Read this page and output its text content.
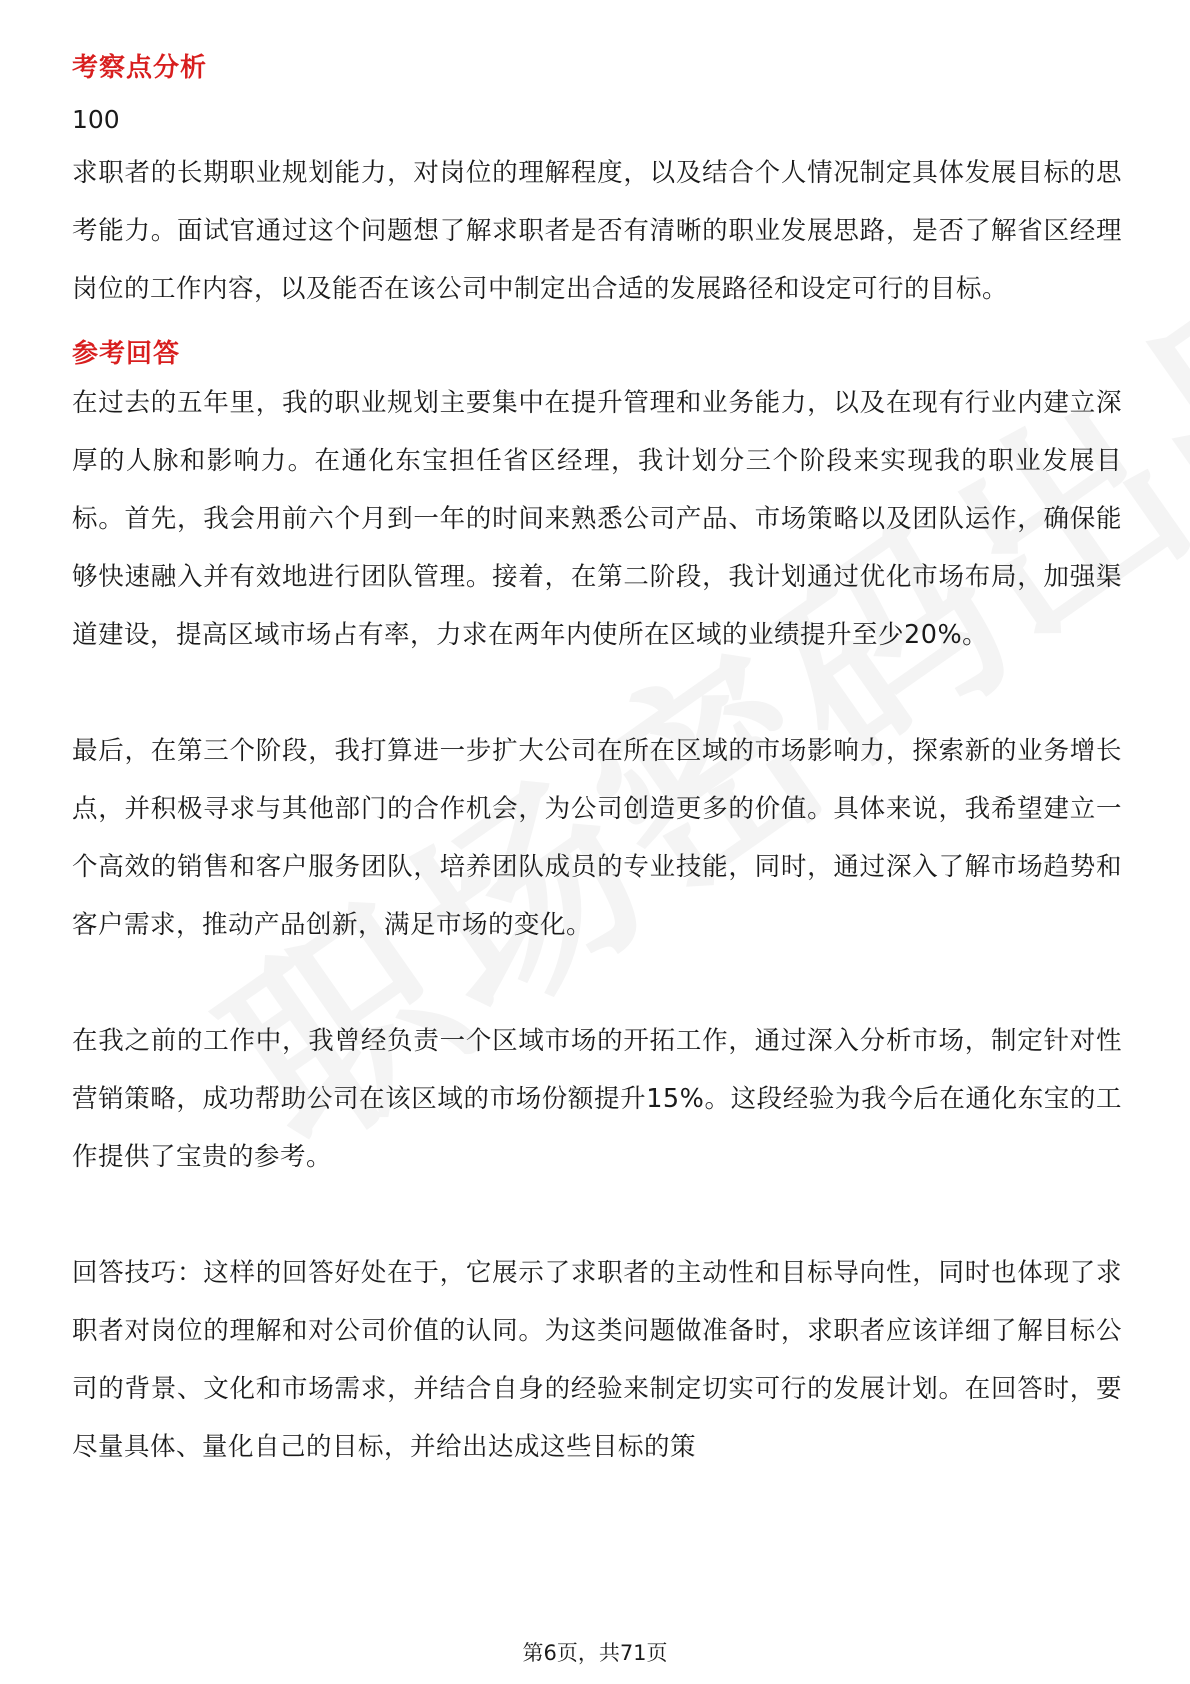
考察点分析

100

求职者的长期职业规划能力，对岗位的理解程度，以及结合个人情况制定具体发展目标的思考能力。面试官通过这个问题想了解求职者是否有清晰的职业发展思路，是否了解省区经理岗位的工作内容，以及能否在该公司中制定出合适的发展路径和设定可行的目标。

参考回答

在过去的五年里，我的职业规划主要集中在提升管理和业务能力，以及在现有行业内建立深厚的人脉和影响力。在通化东宝担任省区经理，我计划分三个阶段来实现我的职业发展目标。首先，我会用前六个月到一年的时间来熟悉公司产品、市场策略以及团队运作，确保能够快速融入并有效地进行团队管理。接着，在第二阶段，我计划通过优化市场布局，加强渠道建设，提高区域市场占有率，力求在两年内使所在区域的业绩提升至少20%。

最后，在第三个阶段，我打算进一步扩大公司在所在区域的市场影响力，探索新的业务增长点，并积极寻求与其他部门的合作机会，为公司创造更多的价值。具体来说，我希望建立一个高效的销售和客户服务团队，培养团队成员的专业技能，同时，通过深入了解市场趋势和客户需求，推动产品创新，满足市场的变化。

在我之前的工作中，我曾经负责一个区域市场的开拓工作，通过深入分析市场，制定针对性营销策略，成功帮助公司在该区域的市场份额提升15%。这段经验为我今后在通化东宝的工作提供了宝贵的参考。

回答技巧：这样的回答好处在于，它展示了求职者的主动性和目标导向性，同时也体现了求职者对岗位的理解和对公司价值的认同。为这类问题做准备时，求职者应该详细了解目标公司的背景、文化和市场需求，并结合自身的经验来制定切实可行的发展计划。在回答时，要尽量具体、量化自己的目标，并给出达成这些目标的策

第6页，共71页
